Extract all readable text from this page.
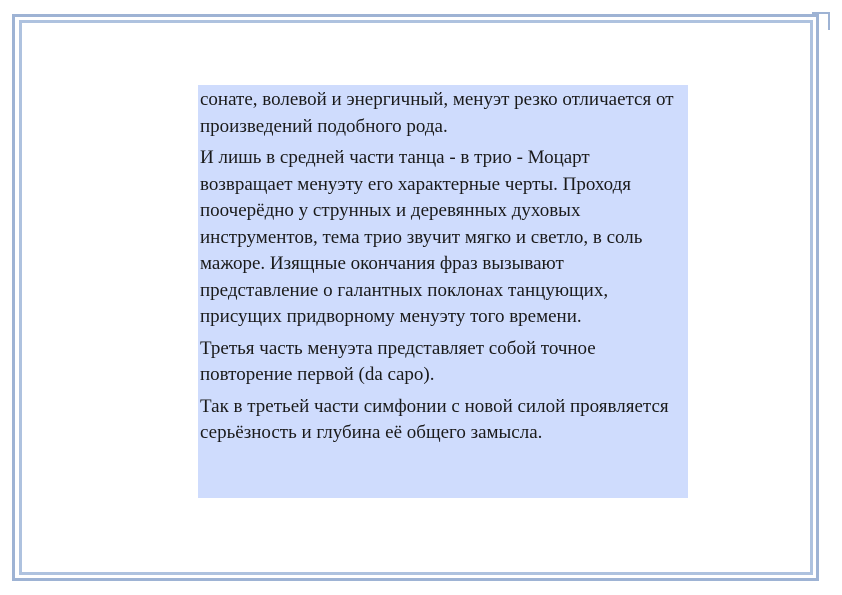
сонате, волевой и энергичный, менуэт резко отличается от произведений подобного рода.

И лишь в средней части танца - в трио - Моцарт возвращает менуэту его характерные черты. Проходя поочерёдно у струнных и деревянных духовых инструментов, тема трио звучит мягко и светло, в соль мажоре. Изящные окончания фраз вызывают представление о галантных поклонах танцующих, присущих придворному менуэту того времени.

Третья часть менуэта представляет собой точное повторение первой (da capo).

Так в третьей части симфонии с новой силой проявляется серьёзность и глубина её общего замысла.
